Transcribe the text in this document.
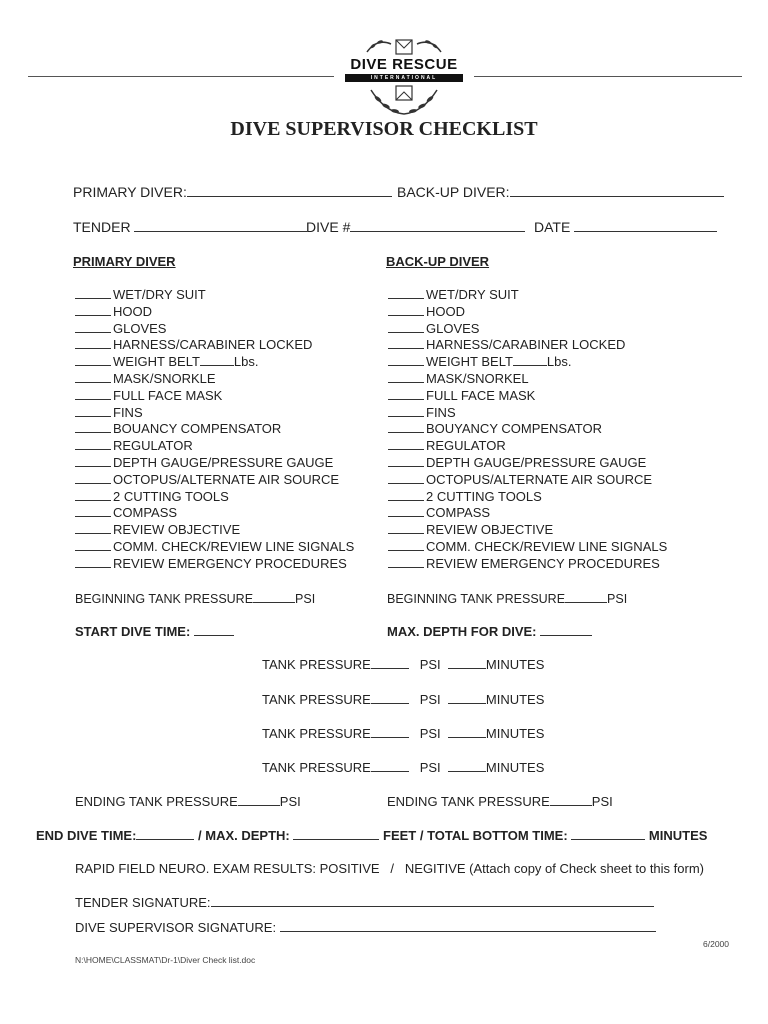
DIVE RESCUE
INTERNATIONAL
DIVE SUPERVISOR CHECKLIST
PRIMARY DIVER:	BACK-UP DIVER:
TENDER	DIVE #	DATE
PRIMARY DIVER	BACK-UP DIVER
WET/DRY SUIT
HOOD
GLOVES
HARNESS/CARABINER LOCKED
WEIGHT BELT	Lbs.
MASK/SNORKLE
FULL FACE MASK
FINS
BOUANCY COMPENSATOR
REGULATOR
DEPTH GAUGE/PRESSURE GAUGE
OCTOPUS/ALTERNATE AIR SOURCE
2 CUTTING TOOLS
COMPASS
REVIEW OBJECTIVE
COMM. CHECK/REVIEW LINE SIGNALS
REVIEW EMERGENCY PROCEDURES
WET/DRY SUIT
HOOD
GLOVES
HARNESS/CARABINER LOCKED
WEIGHT BELT	Lbs.
MASK/SNORKEL
FULL FACE MASK
FINS
BOUYANCY COMPENSATOR
REGULATOR
DEPTH GAUGE/PRESSURE GAUGE
OCTOPUS/ALTERNATE AIR SOURCE
2 CUTTING TOOLS
COMPASS
REVIEW OBJECTIVE
COMM. CHECK/REVIEW LINE SIGNALS
REVIEW EMERGENCY PROCEDURES
BEGINNING TANK PRESSURE	PSI	BEGINNING TANK PRESSURE	PSI
START DIVE TIME:	MAX. DEPTH FOR DIVE:
TANK PRESSURE	PSI	MINUTES
TANK PRESSURE	PSI	MINUTES
TANK PRESSURE	PSI	MINUTES
TANK PRESSURE	PSI	MINUTES
ENDING TANK PRESSURE	PSI	ENDING TANK PRESSURE	PSI
END DIVE TIME:	/ MAX. DEPTH:	FEET / TOTAL BOTTOM TIME:	MINUTES
RAPID FIELD NEURO. EXAM RESULTS: POSITIVE   /   NEGITIVE (Attach copy of Check sheet to this form)
TENDER SIGNATURE:
DIVE SUPERVISOR SIGNATURE:
6/2000
N:\HOME\CLASSMAT\Dr-1\Diver Check list.doc
